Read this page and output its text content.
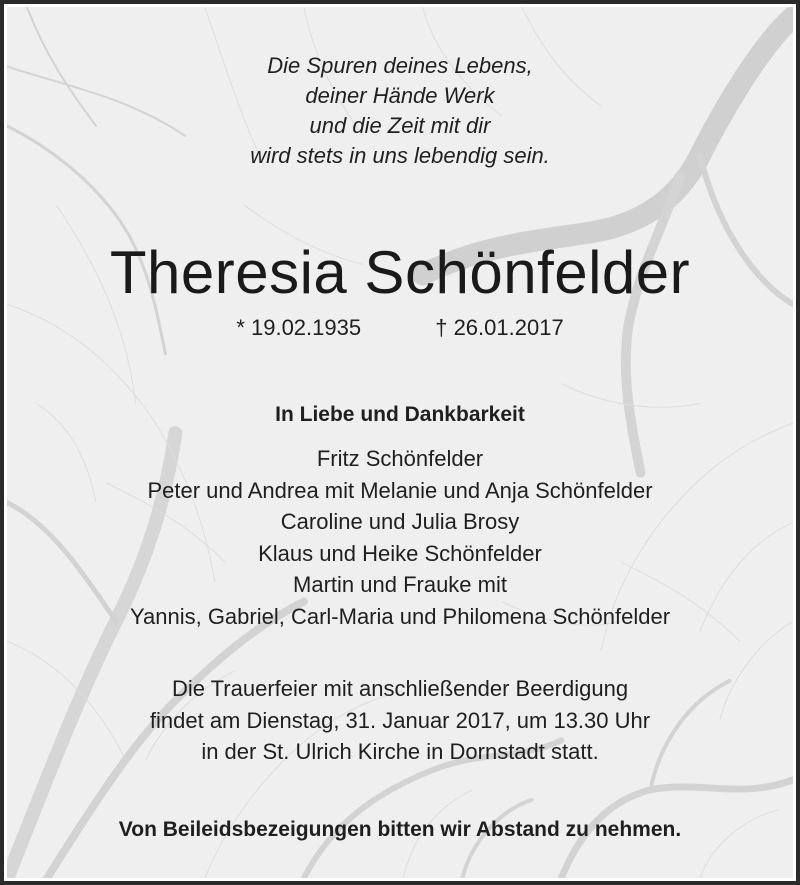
Die Spuren deines Lebens,
deiner Hände Werk
und die Zeit mit dir
wird stets in uns lebendig sein.
Theresia Schönfelder
* 19.02.1935	† 26.01.2017
In Liebe und Dankbarkeit
Fritz Schönfelder
Peter und Andrea mit Melanie und Anja Schönfelder
Caroline und Julia Brosy
Klaus und Heike Schönfelder
Martin und Frauke mit
Yannis, Gabriel, Carl-Maria und Philomena Schönfelder
Die Trauerfeier mit anschließender Beerdigung
findet am Dienstag, 31. Januar 2017, um 13.30 Uhr
in der St. Ulrich Kirche in Dornstadt statt.
Von Beileidsbezeigungen bitten wir Abstand zu nehmen.
